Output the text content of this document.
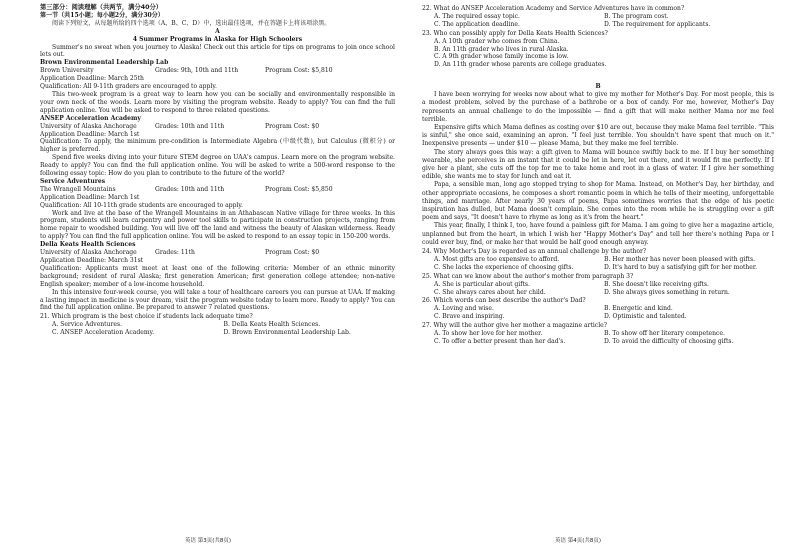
第三部分：阅读理解（共两节，满分40分）

第一节（共15小题；每小题2分，满分30分）

阅读下列短文，从每题所给的四个选项（A、B、C、D）中，选出最佳选项，并在答题卡上将该项涂黑。

A

4 Summer Programs in Alaska for High Schoolers

Summer's no sweat when you journey to Alaska! Check out this article for tips on programs to join once school lets out.

Brown Environmental Leadership Lab

Brown University	Grades: 9th, 10th and 11th	Program Cost: $5,810

Application Deadline: March 25th

Qualification: All 9-11th graders are encouraged to apply.

This two-week program is a great way to learn how you can be socially and environmentally responsible in your own neck of the woods. Learn more by visiting the program website. Ready to apply? You can find the full application online. You will be asked to respond to three related questions.

ANSEP Acceleration Academy

University of Alaska Anchorage	Grades: 10th and 11th	Program Cost: $0

Application Deadline: March 1st

Qualification: To apply, the minimum pre-condition is Intermediate Algebra (中级代数), but Calculus (微积分) or higher is preferred.

Spend five weeks diving into your future STEM degree on UAA's campus. Learn more on the program website. Ready to apply? You can find the full application online. You will be asked to write a 500-word response to the following essay topic: How do you plan to contribute to the future of the world?

Service Adventures

The Wrangell Mountains	Grades: 10th and 11th	Program Cost: $5,850

Application Deadline: March 1st

Qualification: All 10-11th grade students are encouraged to apply.

Work and live at the base of the Wrangell Mountains in an Athabascan Native village for three weeks. In this program, students will learn carpentry and power tool skills to participate in construction projects, ranging from home repair to woodshed building. You will live off the land and witness the beauty of Alaskan wilderness. Ready to apply? You can find the full application online. You will be asked to respond to an essay topic in 150-200 words.

Della Keats Health Sciences

University of Alaska Anchorage	Grades: 11th	Program Cost: $0

Application Deadline: March 31st

Qualification: Applicants must meet at least one of the following criteria: Member of an ethnic minority background; resident of rural Alaska; first generation American; first generation college attendee; non-native English speaker; member of a low-income household.

In this intensive four-week course, you will take a tour of healthcare careers you can pursue at UAA. If making a lasting impact in medicine is your dream, visit the program website today to learn more. Ready to apply? You can find the full application online. Be prepared to answer 7 related questions.

21. Which program is the best choice if students lack adequate time?

A. Service Adventures.	B. Della Keats Health Sciences.
C. ANSEP Acceleration Academy.	D. Brown Environmental Leadership Lab.

22. What do ANSEP Acceleration Academy and Service Adventures have in common?

A. The required essay topic.	B. The program cost.
C. The application deadline.	D. The requirement for applicants.

23. Who can possibly apply for Della Keats Health Sciences?

A. A 10th grader who comes from China.

B. An 11th grader who lives in rural Alaska.

C. A 9th grader whose family income is low.

D. An 11th grader whose parents are college graduates.

B

I have been worrying for weeks now about what to give my mother for Mother's Day. For most people, this is a modest problem, solved by the purchase of a bathrobe or a box of candy. For me, however, Mother's Day represents an annual challenge to do the impossible — find a gift that will make neither Mama nor me feel terrible.

Expensive gifts which Mama defines as costing over $10 are out, because they make Mama feel terrible. "This is sinful," she once said, examining an apron. "I feel just terrible. You shouldn't have spent that much on it." Inexpensive presents — under $10 — please Mama, but they make me feel terrible.

The story always goes this way: a gift given to Mama will bounce swiftly back to me. If I buy her something wearable, she perceives in an instant that it could be let in here, let out there, and it would fit me perfectly. If I give her a plant, she cuts off the top for me to take home and root in a glass of water. If I give her something edible, she wants me to stay for lunch and eat it.

Papa, a sensible man, long ago stopped trying to shop for Mama. Instead, on Mother's Day, her birthday, and other appropriate occasions, he composes a short romantic poem in which he tells of their meeting, unforgettable things, and marriage. After nearly 30 years of poems, Papa sometimes worries that the edge of his poetic inspiration has dulled, but Mama doesn't complain. She comes into the room while he is struggling over a gift poem and says, "It doesn't have to rhyme as long as it's from the heart."

This year, finally, I think I, too, have found a painless gift for Mama. I am going to give her a magazine article, unplanned but from the heart, in which I wish her "Happy Mother's Day" and tell her there's nothing Papa or I could ever buy, find, or make her that would be half good enough anyway.

24. Why Mother's Day is regarded as an annual challenge by the author?

A. Most gifts are too expensive to afford.	B. Her mother has never been pleased with gifts.
C. She lacks the experience of choosing gifts.	D. It's hard to buy a satisfying gift for her mother.

25. What can we know about the author's mother from paragraph 3?

A. She is particular about gifts.	B. She doesn't like receiving gifts.
C. She always cares about her child.	D. She always gives something in return.

26. Which words can best describe the author's Dad?

A. Loving and wise.	B. Energetic and kind.
C. Brave and inspiring.	D. Optimistic and talented.

27. Why will the author give her mother a magazine article?

A. To show her love for her mother.	B. To show off her literary competence.
C. To offer a better present than her dad's.	D. To avoid the difficulty of choosing gifts.
英语 第3页(共8页)	英语 第4页(共8页)
